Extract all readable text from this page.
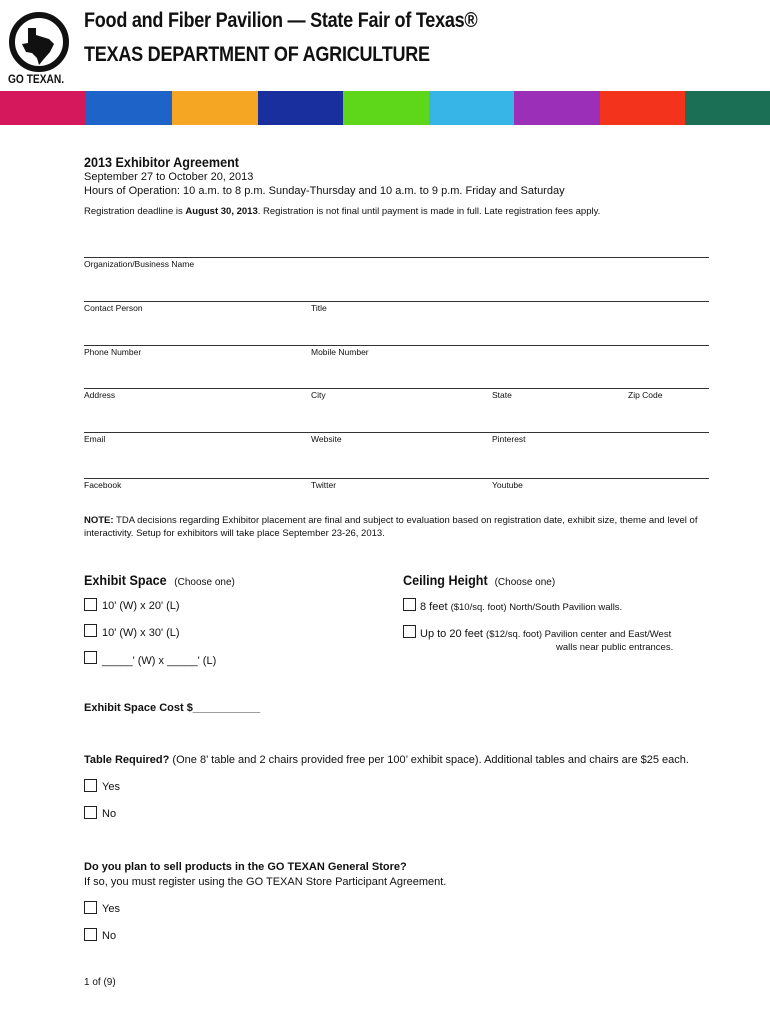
GO TEXAN.
Food and Fiber Pavilion — State Fair of Texas®
TEXAS DEPARTMENT OF AGRICULTURE
2013 Exhibitor Agreement
September 27 to October 20, 2013
Hours of Operation: 10 a.m. to 8 p.m. Sunday-Thursday and 10 a.m. to 9 p.m. Friday and Saturday
Registration deadline is August 30, 2013. Registration is not final until payment is made in full. Late registration fees apply.
Organization/Business Name
Contact Person	Title
Phone Number	Mobile Number
Address	City	State	Zip Code
Email	Website	Pinterest
Facebook	Twitter	Youtube
NOTE: TDA decisions regarding Exhibitor placement are final and subject to evaluation based on registration date, exhibit size, theme and level of interactivity. Setup for exhibitors will take place September 23-26, 2013.
Exhibit Space (Choose one)
10' (W) x 20' (L)
10' (W) x 30' (L)
_____' (W) x _____' (L)
Ceiling Height (Choose one)
8 feet ($10/sq. foot) North/South Pavilion walls.
Up to 20 feet ($12/sq. foot) Pavilion center and East/West
walls near public entrances.
Exhibit Space Cost $___________
Table Required? (One 8’ table and 2 chairs provided free per 100’ exhibit space). Additional tables and chairs are $25 each.
Yes
No
Do you plan to sell products in the GO TEXAN General Store?
If so, you must register using the GO TEXAN Store Participant Agreement.
Yes
No
1 of (9)
